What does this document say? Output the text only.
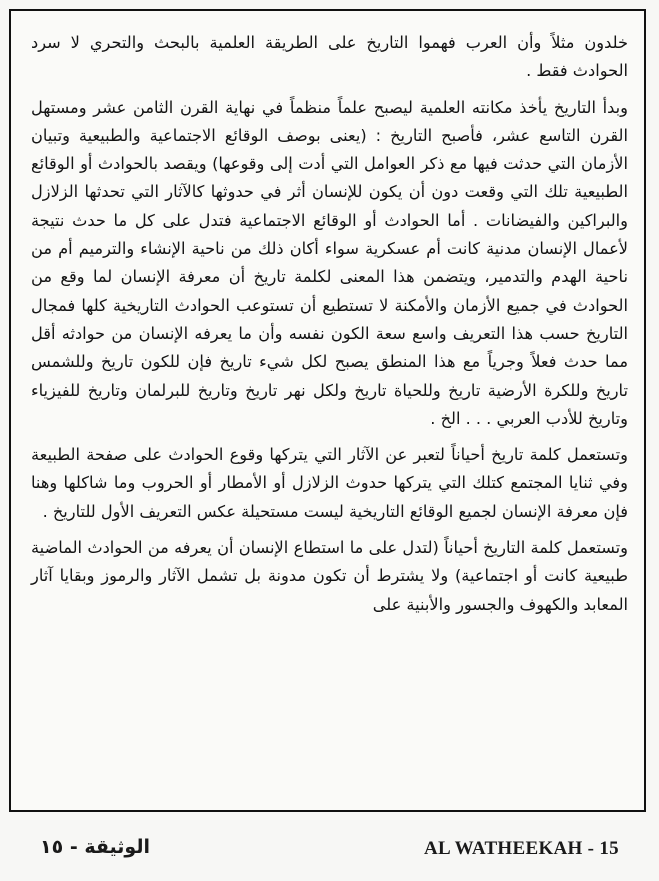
خلدون مثلاً وأن العرب فهموا التاريخ على الطريقة العلمية بالبحث والتحري لا سرد الحوادث فقط .

وبدأ التاريخ يأخذ مكانته العلمية ليصبح علماً منظماً في نهاية القرن الثامن عشر ومستهل القرن التاسع عشر، فأصبح التاريخ : (يعنى بوصف الوقائع الاجتماعية والطبيعية وتبيان الأزمان التي حدثت فيها مع ذكر العوامل التي أدت إلى وقوعها) ويقصد بالحوادث أو الوقائع الطبيعية تلك التي وقعت دون أن يكون للإنسان أثر في حدوثها كالآثار التي تحدثها الزلازل والبراكين والفيضانات . أما الحوادث أو الوقائع الاجتماعية فتدل على كل ما حدث نتيجة لأعمال الإنسان مدنية كانت أم عسكرية سواء أكان ذلك من ناحية الإنشاء والترميم أم من ناحية الهدم والتدمير، ويتضمن هذا المعنى لكلمة تاريخ أن معرفة الإنسان لما وقع من الحوادث في جميع الأزمان والأمكنة لا تستطيع أن تستوعب الحوادث التاريخية كلها فمجال التاريخ حسب هذا التعريف واسع سعة الكون نفسه وأن ما يعرفه الإنسان من حوادثه أقل مما حدث فعلاً وجرياً مع هذا المنطق يصبح لكل شيء تاريخ فإن للكون تاريخ وللشمس تاريخ وللكرة الأرضية تاريخ وللحياة تاريخ ولكل نهر تاريخ وتاريخ للبرلمان وتاريخ للفيزياء وتاريخ للأدب العربي . . . الخ .

وتستعمل كلمة تاريخ أحياناً لتعبر عن الآثار التي يتركها وقوع الحوادث على صفحة الطبيعة وفي ثنايا المجتمع كتلك التي يتركها حدوث الزلازل أو الأمطار أو الحروب وما شاكلها وهنا فإن معرفة الإنسان لجميع الوقائع التاريخية ليست مستحيلة عكس التعريف الأول للتاريخ .

وتستعمل كلمة التاريخ أحياناً (لتدل على ما استطاع الإنسان أن يعرفه من الحوادث الماضية طبيعية كانت أو اجتماعية) ولا يشترط أن تكون مدونة بل تشمل الآثار والرموز وبقايا آثار المعابد والكهوف والجسور والأبنية على

الوثيقة - ١٥	AL WATHEEKAH - 15
